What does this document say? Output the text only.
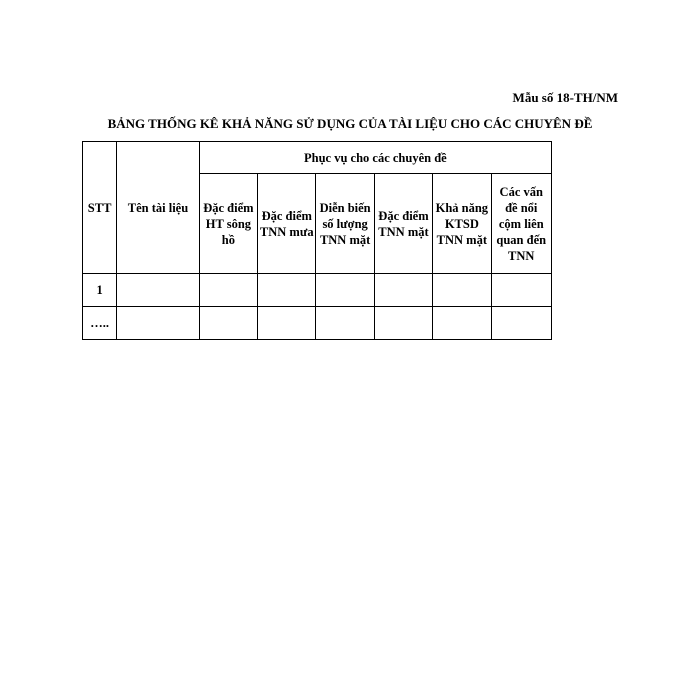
Mẫu số 18-TH/NM
BẢNG THỐNG KÊ KHẢ NĂNG SỬ DỤNG CỦA TÀI LIỆU CHO CÁC CHUYÊN ĐỀ
STT	Tên tài liệu	Phục vụ cho các chuyên đề					

		Đặc điểm HT sông hồ	Đặc điểm TNN mưa	Diễn biến số lượng TNN mặt	Đặc điểm TNN mặt	Khả năng KTSD TNN mặt	Các vấn đề nổi cộm liên quan đến TNN

1							

…..							
